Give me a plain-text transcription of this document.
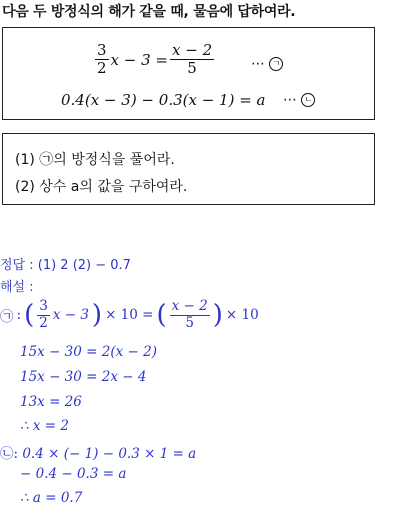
다음 두 방정식의 해가 같을 때, 물음에 답하여라.
$\frac{3}{2}$ $x - 3 = \frac{x - 2}{5}$	⋯ ㄱ
0.4(x − 3) − 0.3(x − 1) = a ⋯ ㄴ
(1) ㉠의 방정식을 풀어라.
(2) 상수 a의 값을 구하여라.
정답 : (1) 2 (2) − 0.7
해설 :
㉠ : ( $\frac{3}{2}$ x − 3 ) × 10 = ( $\frac{x - 2}{5}$ ) × 10
15x − 30 = 2(x − 2)
15x − 30 = 2x − 4
13x = 26
∴ x = 2
㉡: 0.4 × (− 1) − 0.3 × 1 = a
− 0.4 − 0.3 = a
∴ a = 0.7
